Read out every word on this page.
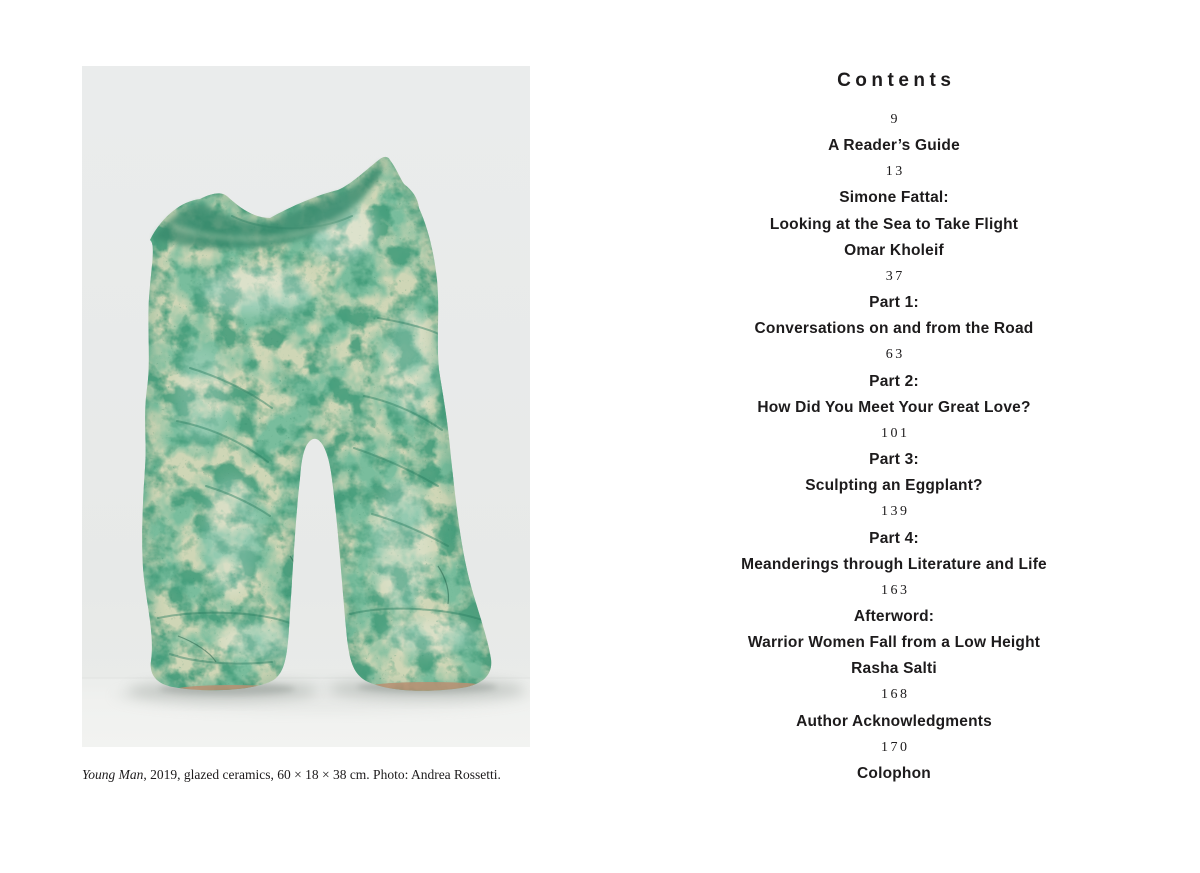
Young Man, 2019, glazed ceramics, 60 × 18 × 38 cm. Photo: Andrea Rossetti.
Contents
9
A Reader’s Guide
13
Simone Fattal:
Looking at the Sea to Take Flight
Omar Kholeif
37
Part 1:
Conversations on and from the Road
63
Part 2:
How Did You Meet Your Great Love?
101
Part 3:
Sculpting an Eggplant?
139
Part 4:
Meanderings through Literature and Life
163
Afterword:
Warrior Women Fall from a Low Height
Rasha Salti
168
Author Acknowledgments
170
Colophon
